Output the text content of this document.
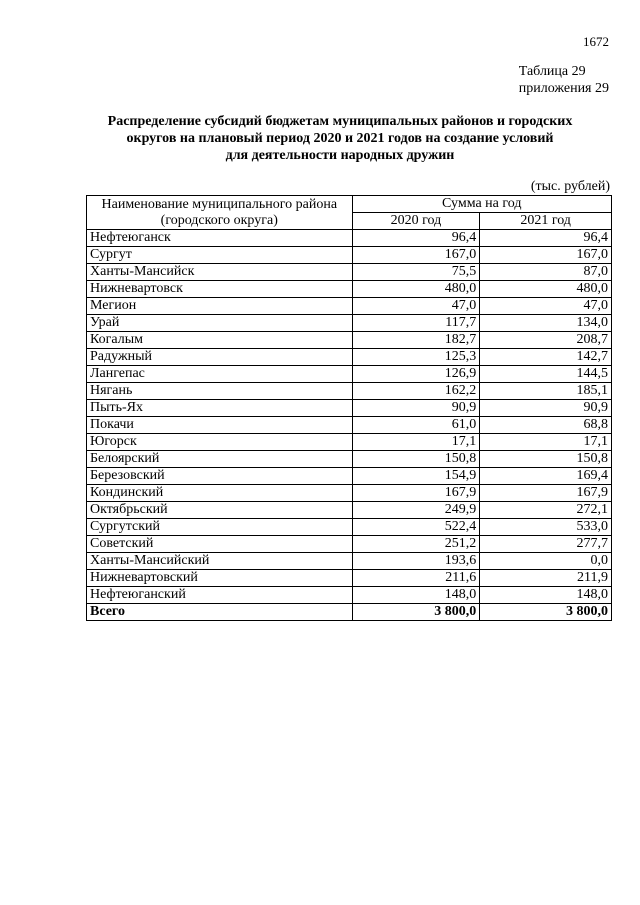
1672
Таблица 29
приложения 29
Распределение субсидий бюджетам муниципальных районов и городских
округов на плановый период 2020 и 2021 годов на создание условий
для деятельности народных дружин
(тыс. рублей)
Наименование муниципального района
(городского округа)	Сумма на год	
	2020 год	2021 год
Нефтеюганск	96,4	96,4
Сургут	167,0	167,0
Ханты-Мансийск	75,5	87,0
Нижневартовск	480,0	480,0
Мегион	47,0	47,0
Урай	117,7	134,0
Когалым	182,7	208,7
Радужный	125,3	142,7
Лангепас	126,9	144,5
Нягань	162,2	185,1
Пыть-Ях	90,9	90,9
Покачи	61,0	68,8
Югорск	17,1	17,1
Белоярский	150,8	150,8
Березовский	154,9	169,4
Кондинский	167,9	167,9
Октябрьский	249,9	272,1
Сургутский	522,4	533,0
Советский	251,2	277,7
Ханты-Мансийский	193,6	0,0
Нижневартовский	211,6	211,9
Нефтеюганский	148,0	148,0
Всего	3 800,0	3 800,0
